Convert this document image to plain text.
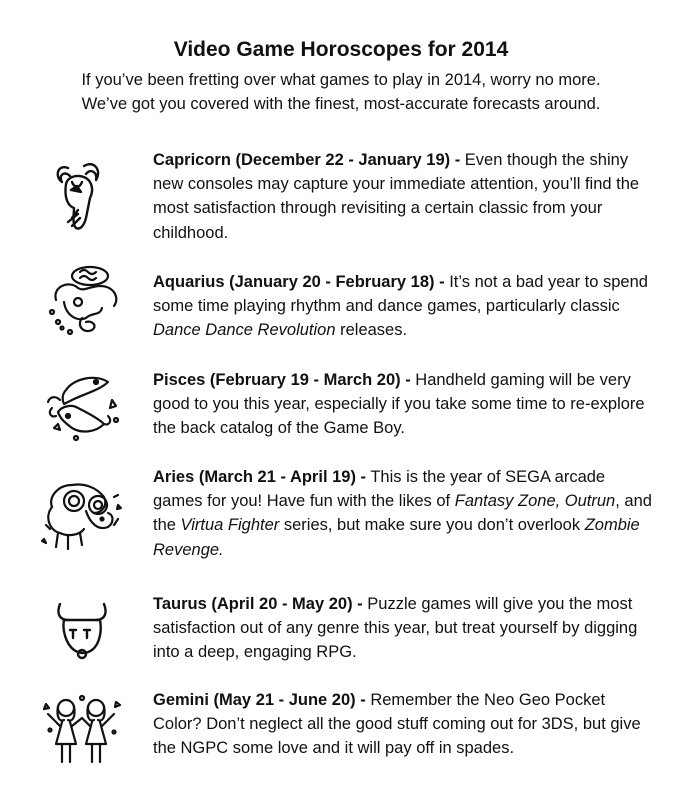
Video Game Horoscopes for 2014
If you’ve been fretting over what games to play in 2014, worry no more.
We’ve got you covered with the finest, most-accurate forecasts around.
Capricorn (December 22 - January 19) - Even though the shiny new consoles may capture your immediate attention, you’ll find the most satisfaction through revisiting a certain classic from your childhood.
Aquarius (January 20 - February 18) - It’s not a bad year to spend some time playing rhythm and dance games, particularly classic Dance Dance Revolution releases.
Pisces (February 19 - March 20) - Handheld gaming will be very good to you this year, especially if you take some time to re-explore the back catalog of the Game Boy.
Aries (March 21 - April 19) - This is the year of SEGA arcade games for you! Have fun with the likes of Fantasy Zone, Outrun, and the Virtua Fighter series, but make sure you don’t overlook Zombie Revenge.
Taurus (April 20 - May 20) - Puzzle games will give you the most satisfaction out of any genre this year, but treat yourself by digging into a deep, engaging RPG.
Gemini (May 21 - June 20) - Remember the Neo Geo Pocket Color? Don’t neglect all the good stuff coming out for 3DS, but give the NGPC some love and it will pay off in spades.
